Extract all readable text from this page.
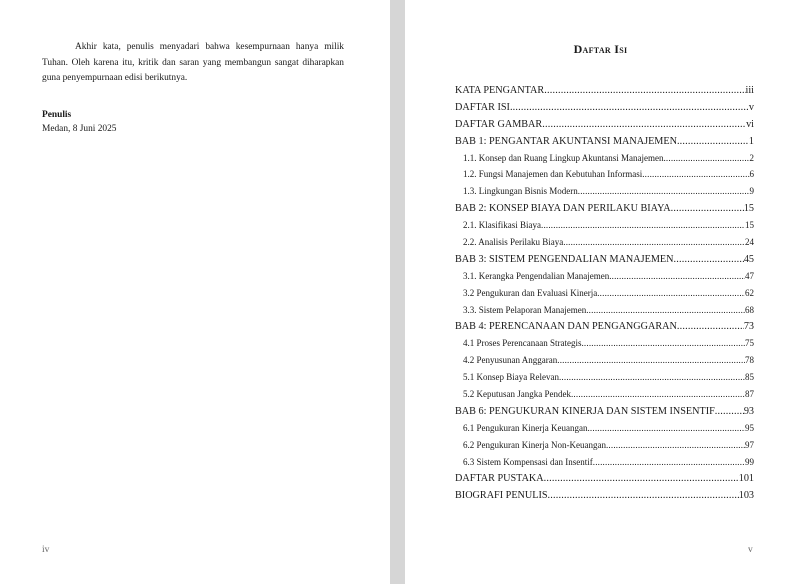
Akhir kata, penulis menyadari bahwa kesempurnaan hanya milik Tuhan. Oleh karena itu, kritik dan saran yang membangun sangat diharapkan guna penyempurnaan edisi berikutnya.

Penulis
Medan, 8 Juni 2025
iv
Daftar Isi
KATA PENGANTAR .....	iii
DAFTAR ISI .....	v
DAFTAR GAMBAR .....	vi
BAB 1: PENGANTAR AKUNTANSI MANAJEMEN .....	1
1.1. Konsep dan Ruang Lingkup Akuntansi Manajemen .....	2
1.2. Fungsi Manajemen dan Kebutuhan Informasi .....	6
1.3. Lingkungan Bisnis Modern .....	9
BAB 2: KONSEP BIAYA DAN PERILAKU BIAYA .....	15
2.1. Klasifikasi Biaya .....	15
2.2. Analisis Perilaku Biaya .....	24
BAB 3: SISTEM PENGENDALIAN MANAJEMEN .....	45
3.1. Kerangka Pengendalian Manajemen .....	47
3.2 Pengukuran dan Evaluasi Kinerja .....	62
3.3. Sistem Pelaporan Manajemen .....	68
BAB 4: PERENCANAAN DAN PENGANGGARAN .....	73
4.1 Proses Perencanaan Strategis .....	75
4.2 Penyusunan Anggaran .....	78
5.1 Konsep Biaya Relevan .....	85
5.2 Keputusan Jangka Pendek .....	87
BAB 6: PENGUKURAN KINERJA DAN SISTEM INSENTIF .....	93
6.1 Pengukuran Kinerja Keuangan .....	95
6.2 Pengukuran Kinerja Non-Keuangan .....	97
6.3 Sistem Kompensasi dan Insentif .....	99
DAFTAR PUSTAKA .....	101
BIOGRAFI PENULIS .....	103
v
